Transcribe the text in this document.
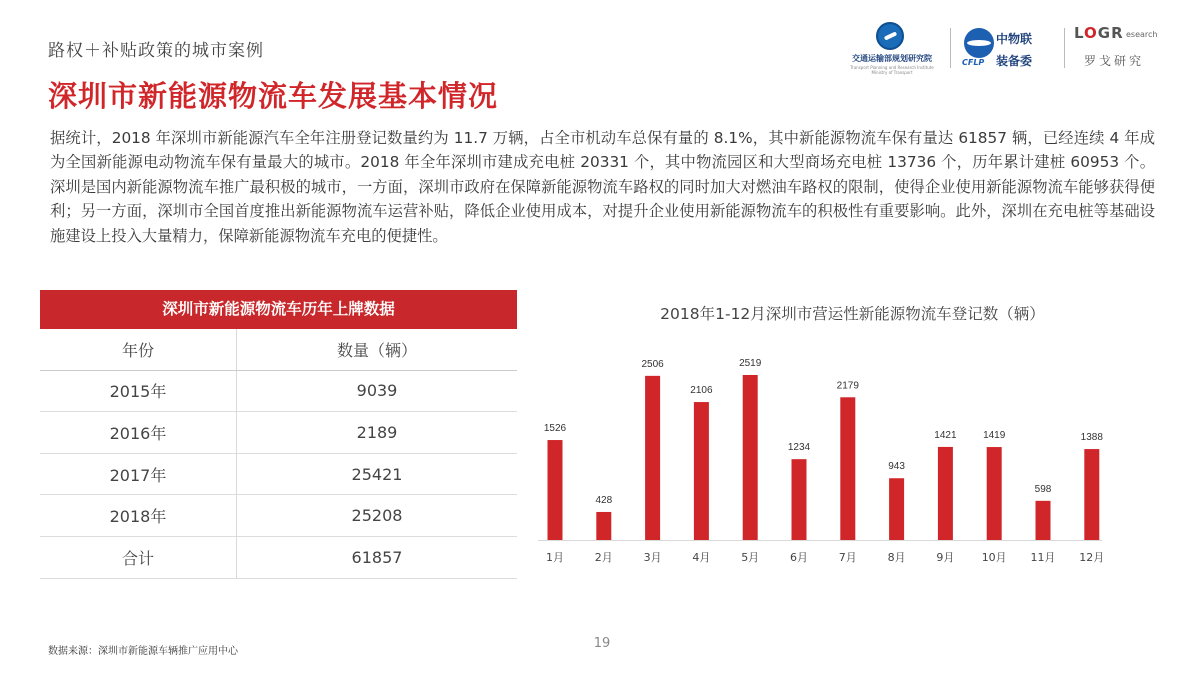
路权＋补贴政策的城市案例
深圳市新能源物流车发展基本情况
交通运输部规划研究院
Transport Planning and Research Institute Ministry of Transport
中物联
CFLP 装备委
LOGR esearch
罗戈研究
据统计，2018 年深圳市新能源汽车全年注册登记数量约为 11.7 万辆，占全市机动车总保有量的 8.1%，其中新能源物流车保有量达 61857 辆，已经连续 4 年成为全国新能源电动物流车保有量最大的城市。2018 年全年深圳市建成充电桩 20331 个，其中物流园区和大型商场充电桩 13736 个，历年累计建桩 60953 个。深圳是国内新能源物流车推广最积极的城市，一方面，深圳市政府在保障新能源物流车路权的同时加大对燃油车路权的限制，使得企业使用新能源物流车能够获得便利；另一方面，深圳市全国首度推出新能源物流车运营补贴，降低企业使用成本，对提升企业使用新能源物流车的积极性有重要影响。此外，深圳在充电桩等基础设施建设上投入大量精力，保障新能源物流车充电的便捷性。
深圳市新能源物流车历年上牌数据
年份	数量（辆）
2015年	9039
2016年	2189
2017年	25421
2018年	25208
合计	61857
2018年1-12月深圳市营运性新能源物流车登记数（辆）
1526
1月
428
2月
2506
3月
2106
4月
2519
5月
1234
6月
2179
7月
943
8月
1421
9月
1419
10月
598
11月
1388
12月
数据来源：深圳市新能源车辆推广应用中心
19
